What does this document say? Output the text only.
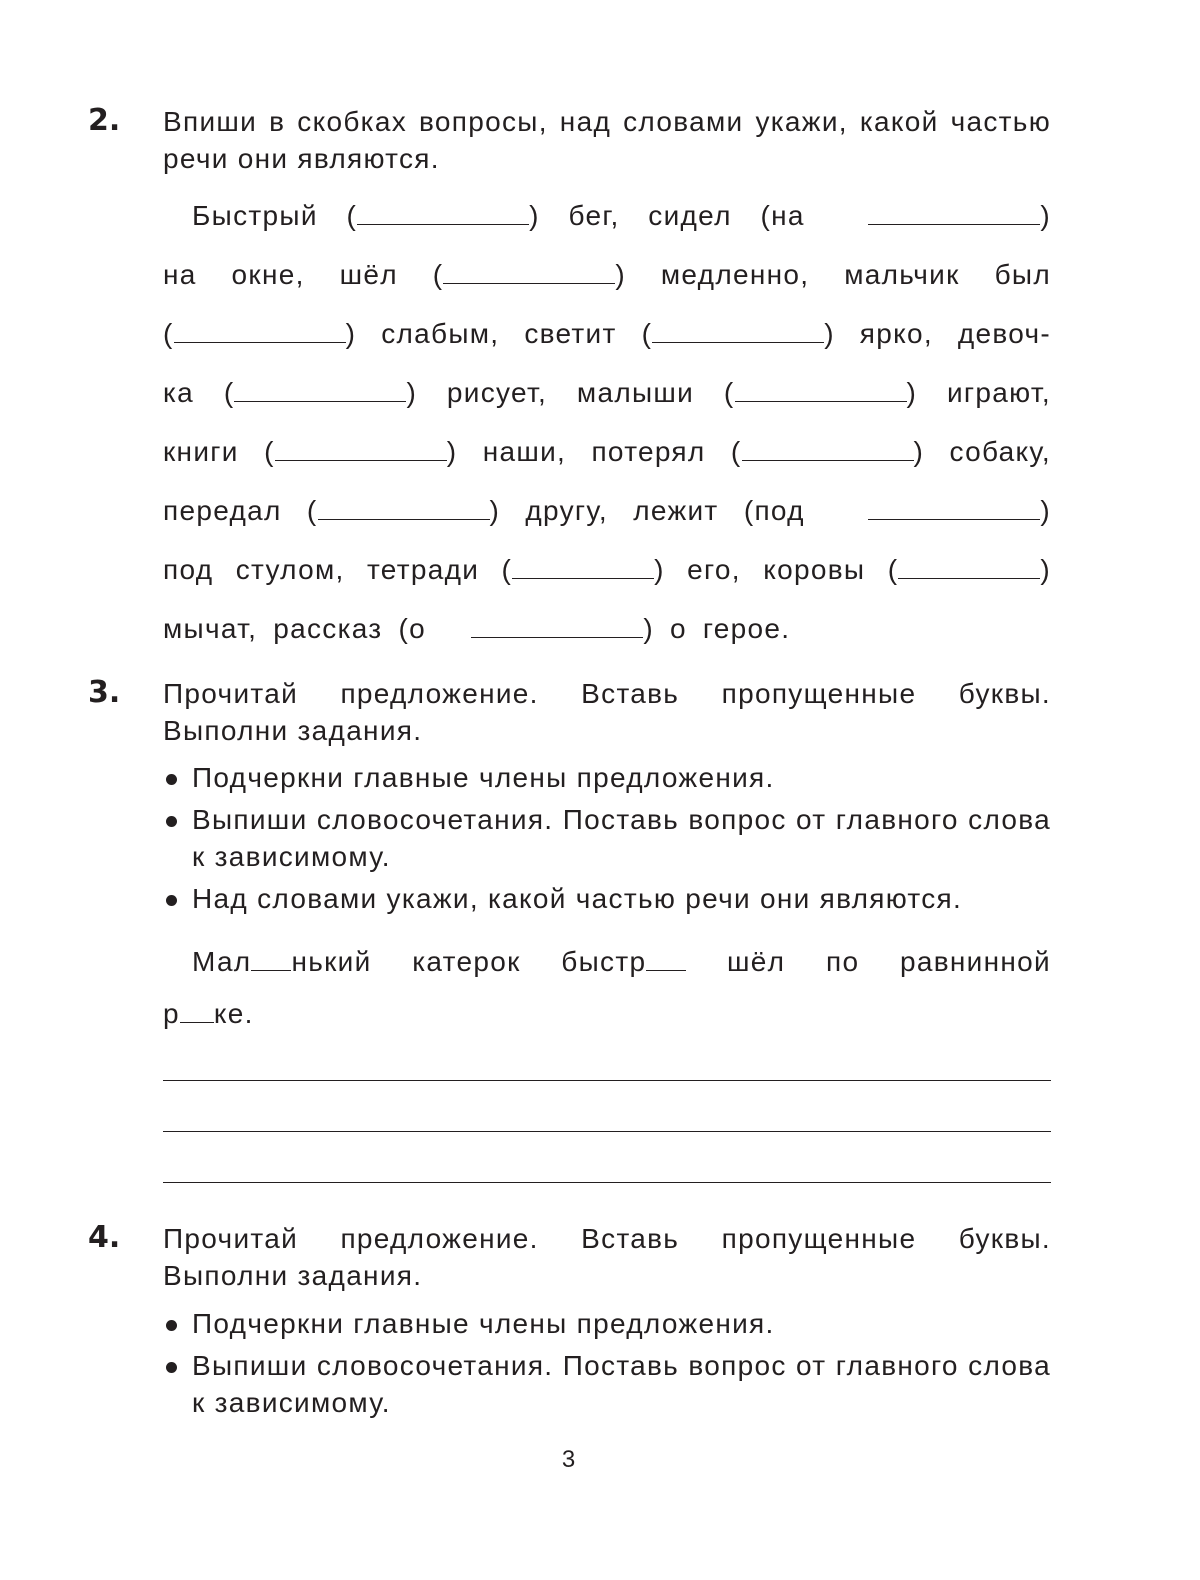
2. Впиши в скобках вопросы, над словами укажи, какой частью речи они являются.
Быстрый (	) бег, сидел (на	)
на окне, шёл (	) медленно, мальчик был
(	) слабым, светит (	) ярко, девоч-
ка (	) рисует, малыши (	) играют,
книги (	) наши, потерял (	) собаку,
передал (	) другу, лежит (под	)
под стулом, тетради (	) его, коровы (	)
мычат, рассказ (о	) о герое.
3. Прочитай предложение. Вставь пропущенные буквы. Выполни задания.
Подчеркни главные члены предложения.
Выпиши словосочетания. Поставь вопрос от главного слова к зависимому.
Над словами укажи, какой частью речи они являются.
Мал нький катерок быстр	шёл по равнинной
р ке.
4. Прочитай предложение. Вставь пропущенные буквы. Выполни задания.
Подчеркни главные члены предложения.
Выпиши словосочетания. Поставь вопрос от главного слова к зависимому.
3
